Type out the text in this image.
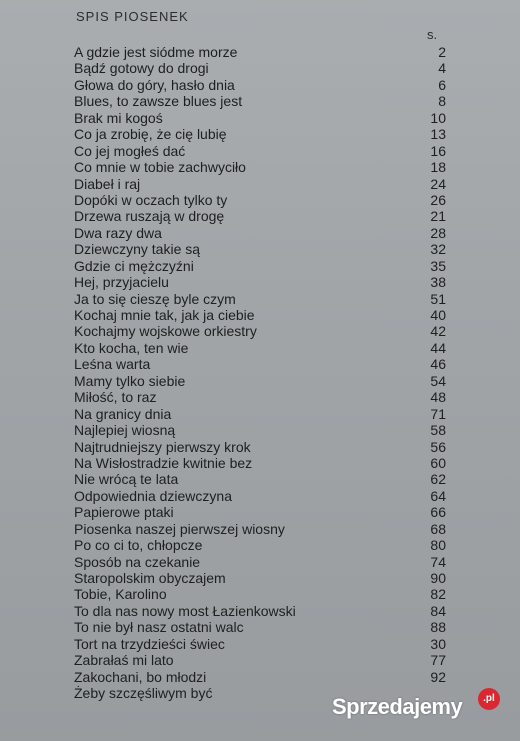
SPIS PIOSENEK
s.
A gdzie jest siódme morze	2
Bądź gotowy do drogi	4
Głowa do góry, hasło dnia	6
Blues, to zawsze blues jest	8
Brak mi kogoś	10
Co ja zrobię, że cię lubię	13
Co jej mogłeś dać	16
Co mnie w tobie zachwyciło	18
Diabeł i raj	24
Dopóki w oczach tylko ty	26
Drzewa ruszają w drogę	21
Dwa razy dwa	28
Dziewczyny takie są	32
Gdzie ci mężczyźni	35
Hej, przyjacielu	38
Ja to się cieszę byle czym	51
Kochaj mnie tak, jak ja ciebie	40
Kochajmy wojskowe orkiestry	42
Kto kocha, ten wie	44
Leśna warta	46
Mamy tylko siebie	54
Miłość, to raz	48
Na granicy dnia	71
Najlepiej wiosną	58
Najtrudniejszy pierwszy krok	56
Na Wisłostradzie kwitnie bez	60
Nie wrócą te lata	62
Odpowiednia dziewczyna	64
Papierowe ptaki	66
Piosenka naszej pierwszej wiosny	68
Po co ci to, chłopcze	80
Sposób na czekanie	74
Staropolskim obyczajem	90
Tobie, Karolino	82
To dla nas nowy most Łazienkowski	84
To nie był nasz ostatni walc	88
Tort na trzydzieści świec	30
Zabrałaś mi lato	77
Zakochani, bo młodzi	92
Żeby szczęśliwym być
Sprzedajemy	.pl
